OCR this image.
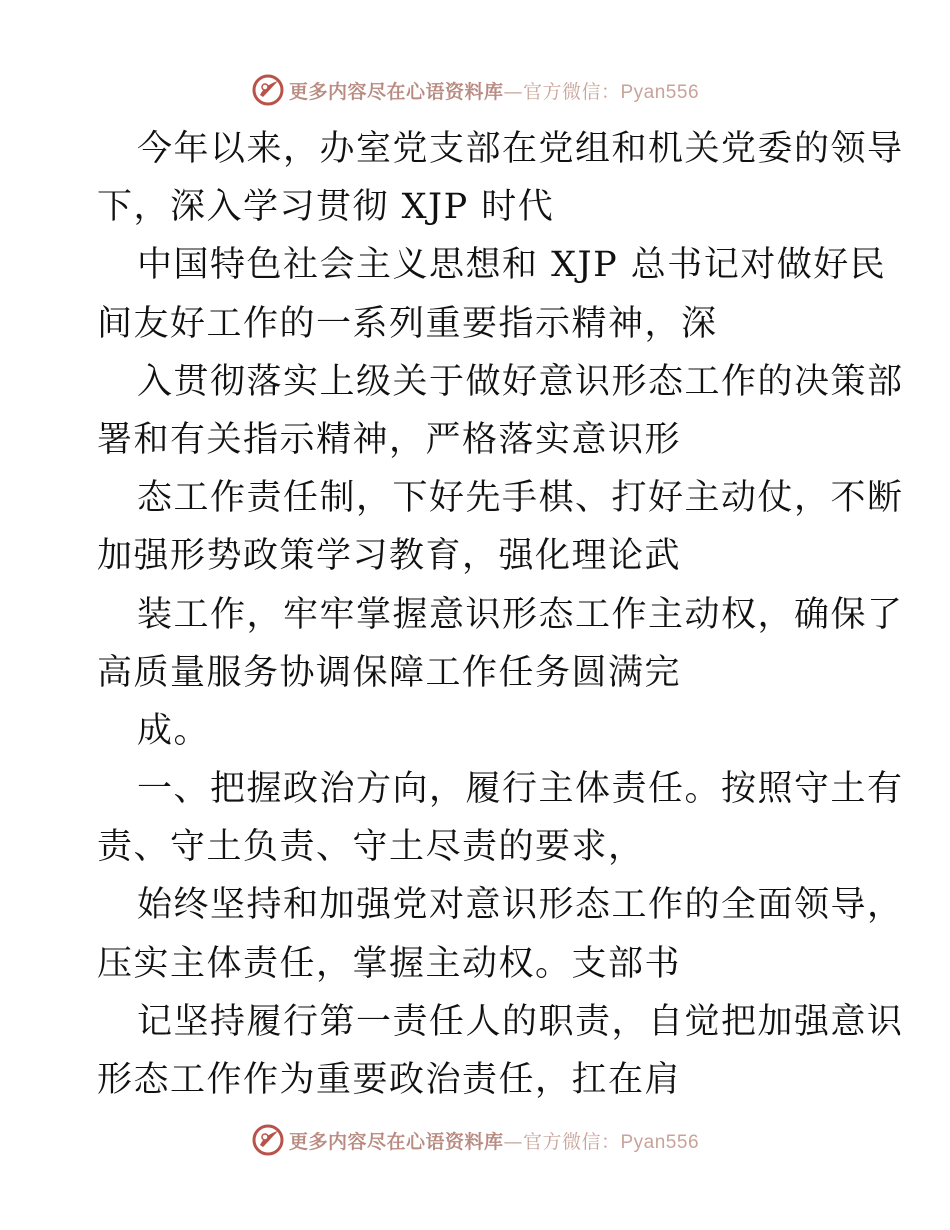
更多内容尽在心语资料库—官方微信：Pyan556
今年以来，办室党支部在党组和机关党委的领导
下，深入学习贯彻 XJP 时代
中国特色社会主义思想和 XJP 总书记对做好民
间友好工作的一系列重要指示精神，深
入贯彻落实上级关于做好意识形态工作的决策部
署和有关指示精神，严格落实意识形
态工作责任制，下好先手棋、打好主动仗，不断
加强形势政策学习教育，强化理论武
装工作，牢牢掌握意识形态工作主动权，确保了
高质量服务协调保障工作任务圆满完
成。
一、把握政治方向，履行主体责任。按照守土有
责、守土负责、守土尽责的要求，
始终坚持和加强党对意识形态工作的全面领导，
压实主体责任，掌握主动权。支部书
记坚持履行第一责任人的职责，自觉把加强意识
形态工作作为重要政治责任，扛在肩
更多内容尽在心语资料库—官方微信：Pyan556
